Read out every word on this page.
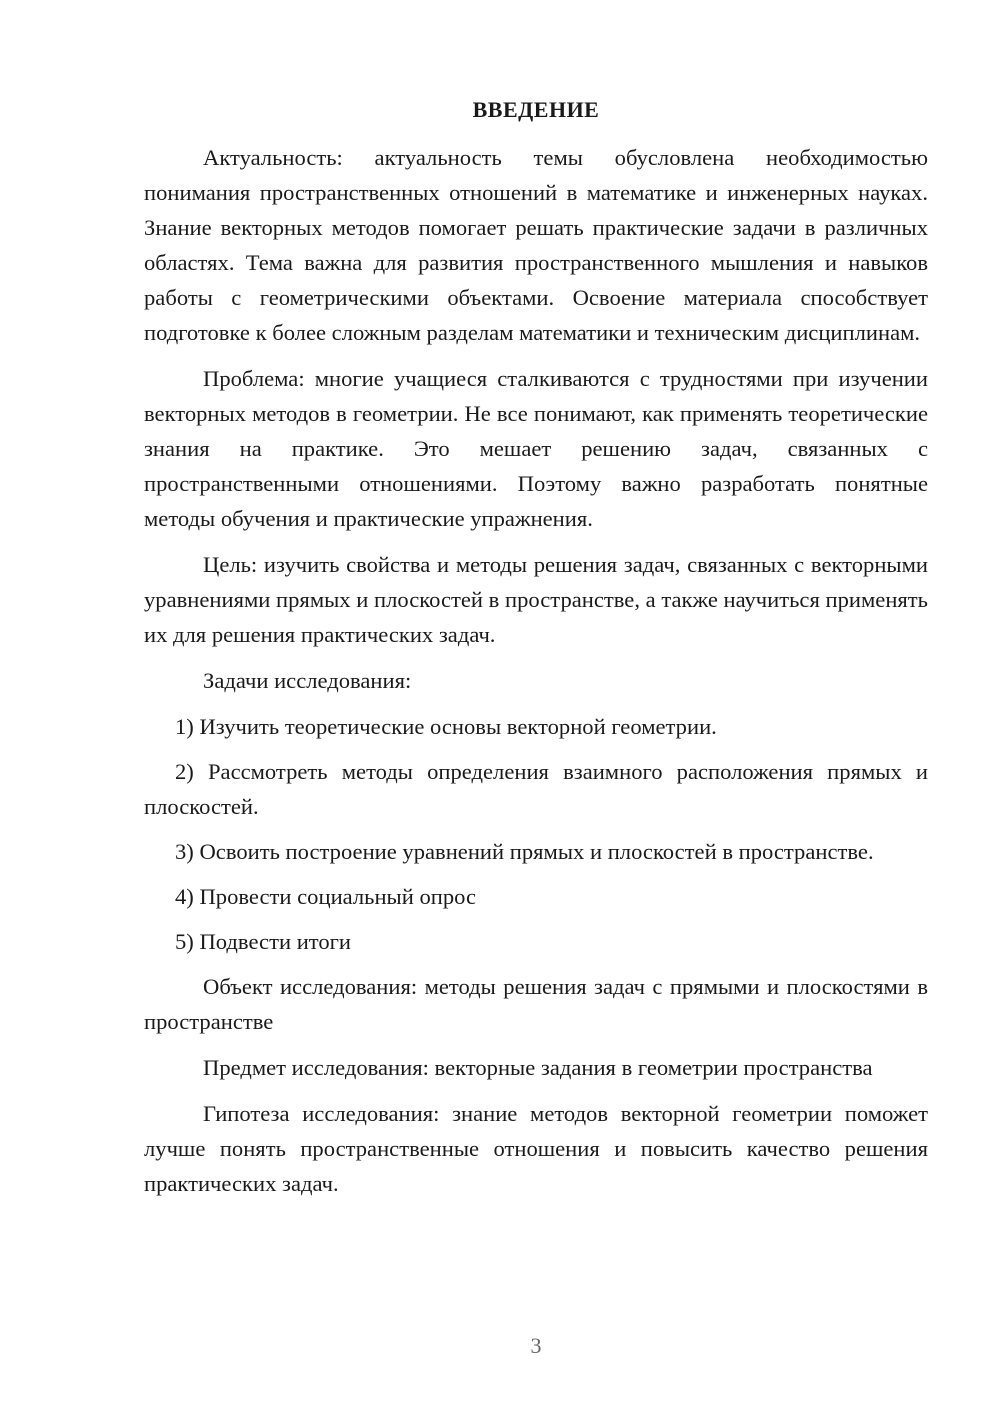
ВВЕДЕНИЕ

Актуальность: актуальность темы обусловлена необходимостью понимания пространственных отношений в математике и инженерных науках. Знание векторных методов помогает решать практические задачи в различных областях. Тема важна для развития пространственного мышления и навыков работы с геометрическими объектами. Освоение материала способствует подготовке к более сложным разделам математики и техническим дисциплинам.

Проблема: многие учащиеся сталкиваются с трудностями при изучении векторных методов в геометрии. Не все понимают, как применять теоретические знания на практике. Это мешает решению задач, связанных с пространственными отношениями. Поэтому важно разработать понятные методы обучения и практические упражнения.

Цель: изучить свойства и методы решения задач, связанных с векторными уравнениями прямых и плоскостей в пространстве, а также научиться применять их для решения практических задач.

Задачи исследования:

1) Изучить теоретические основы векторной геометрии.

2) Рассмотреть методы определения взаимного расположения прямых и плоскостей.

3) Освоить построение уравнений прямых и плоскостей в пространстве.

4) Провести социальный опрос

5) Подвести итоги

Объект исследования: методы решения задач с прямыми и плоскостями в пространстве

Предмет исследования: векторные задания в геометрии пространства

Гипотеза исследования: знание методов векторной геометрии поможет лучше понять пространственные отношения и повысить качество решения практических задач.

3
